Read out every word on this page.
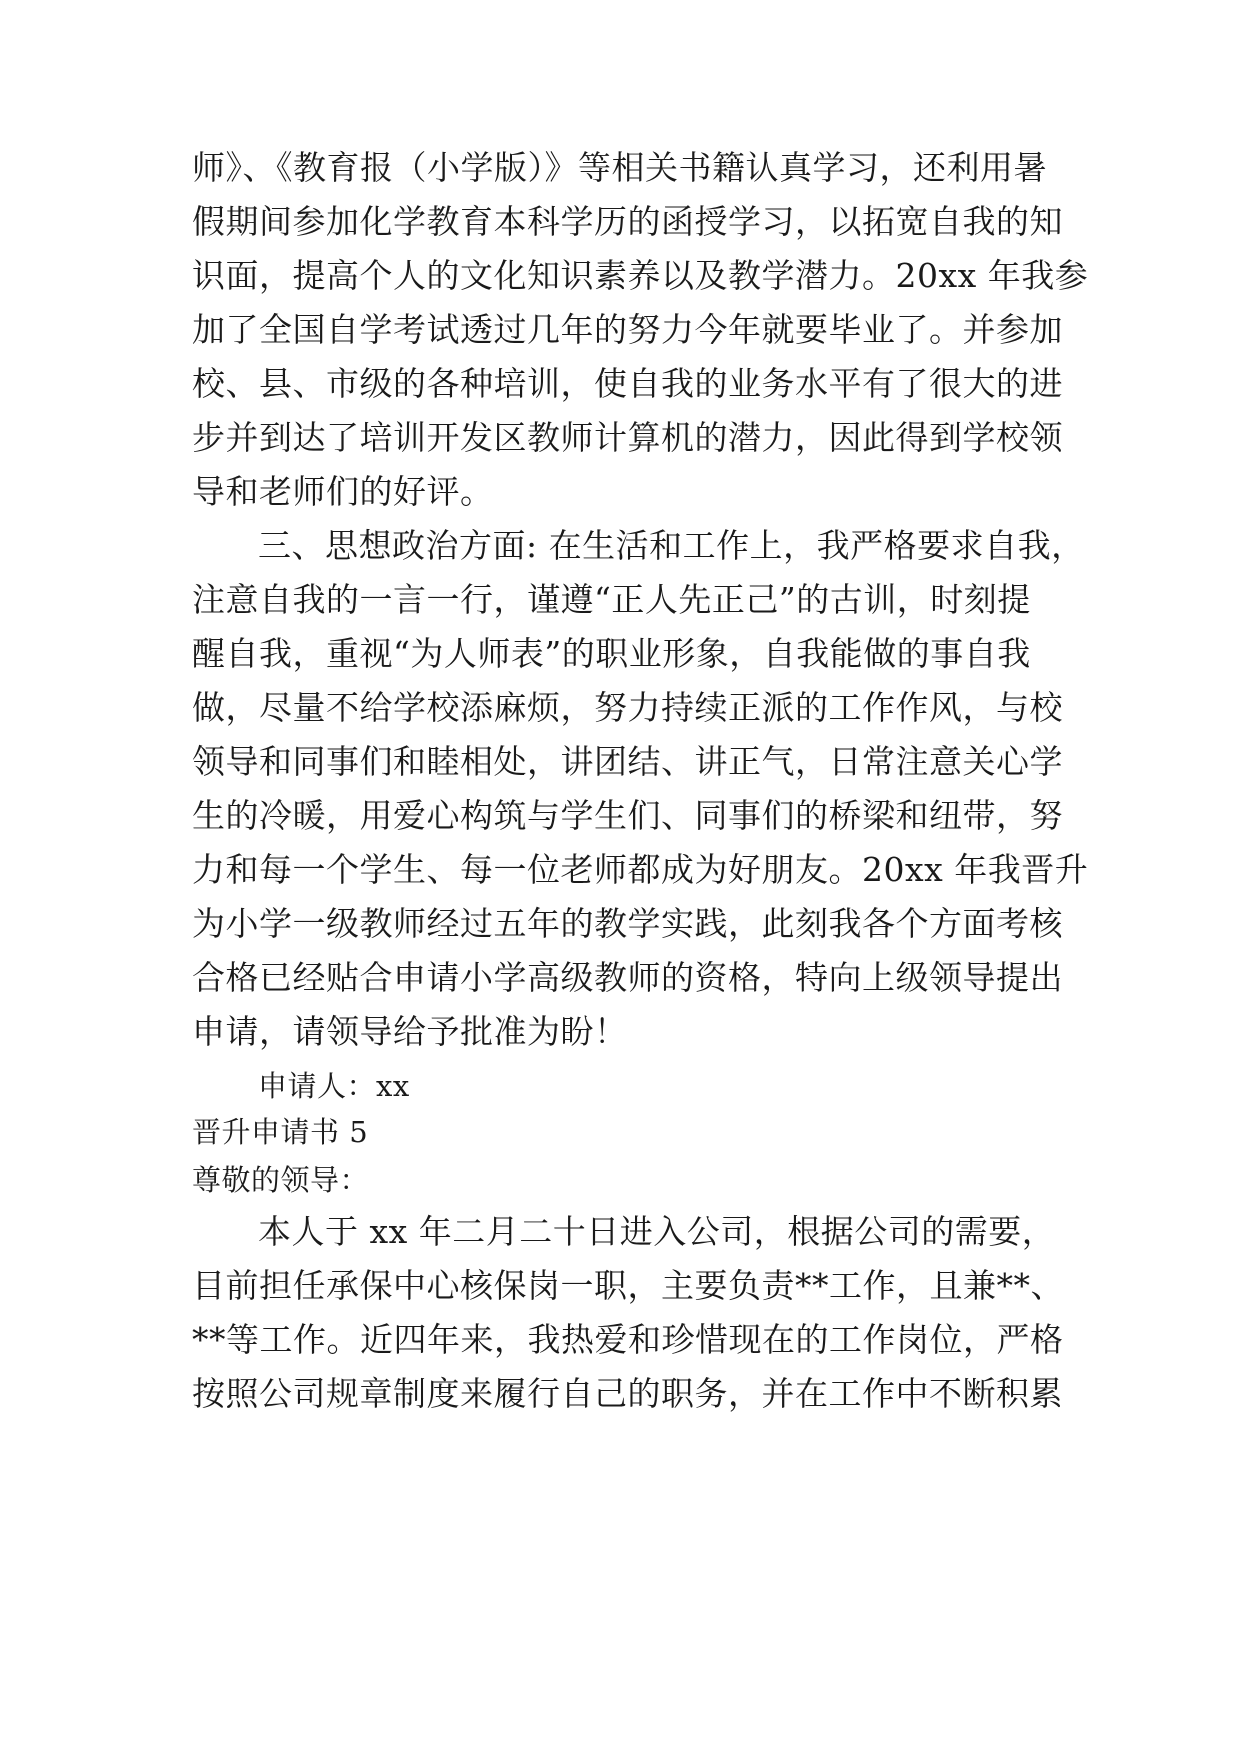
师》、《教育报（小学版）》等相关书籍认真学习，还利用暑
假期间参加化学教育本科学历的函授学习，以拓宽自我的知
识面，提高个人的文化知识素养以及教学潜力。20xx 年我参
加了全国自学考试透过几年的努力今年就要毕业了。并参加
校、县、市级的各种培训，使自我的业务水平有了很大的进
步并到达了培训开发区教师计算机的潜力，因此得到学校领
导和老师们的好评。
三、思想政治方面: 在生活和工作上，我严格要求自我，
注意自我的一言一行，谨遵“正人先正己”的古训，时刻提
醒自我，重视“为人师表”的职业形象，自我能做的事自我
做，尽量不给学校添麻烦，努力持续正派的工作作风，与校
领导和同事们和睦相处，讲团结、讲正气，日常注意关心学
生的冷暖，用爱心构筑与学生们、同事们的桥梁和纽带，努
力和每一个学生、每一位老师都成为好朋友。20xx 年我晋升
为小学一级教师经过五年的教学实践，此刻我各个方面考核
合格已经贴合申请小学高级教师的资格，特向上级领导提出
申请，请领导给予批准为盼！
申请人：xx
晋升申请书 5
尊敬的领导：
本人于 xx 年二月二十日进入公司，根据公司的需要，
目前担任承保中心核保岗一职，主要负责**工作，且兼**、
**等工作。近四年来，我热爱和珍惜现在的工作岗位，严格
按照公司规章制度来履行自己的职务，并在工作中不断积累
